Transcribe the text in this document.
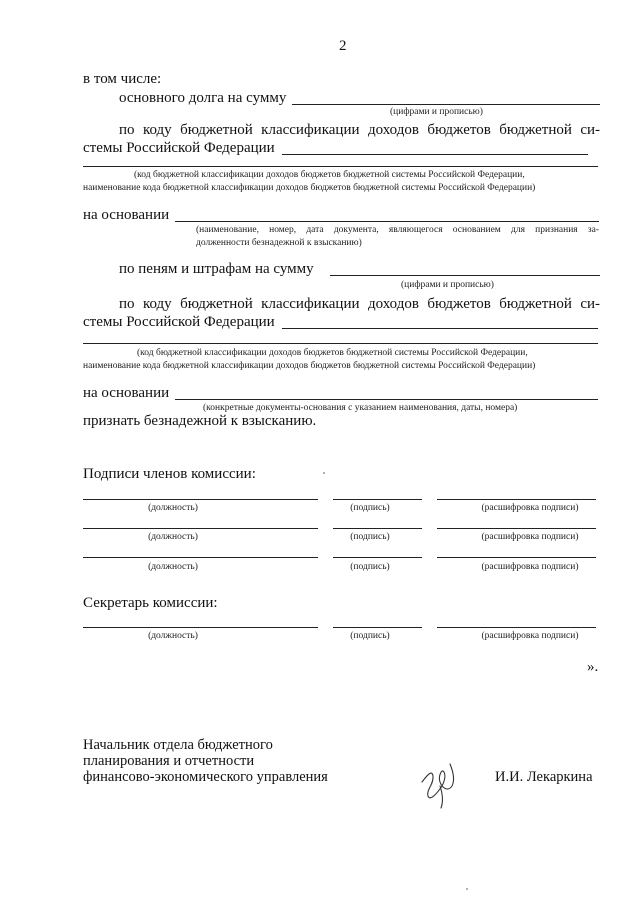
2
в том числе:
основного долга на сумму
(цифрами и прописью)
по коду бюджетной классификации доходов бюджетов бюджетной си-
стемы Российской Федерации
(код бюджетной классификации доходов бюджетов бюджетной системы Российской Федерации,
наименование кода бюджетной классификации доходов бюджетов бюджетной системы Российской Федерации)
на основании
(наименование, номер, дата документа, являющегося основанием для признания за-
долженности безнадежной к взысканию)
по пеням и штрафам на сумму
(цифрами и прописью)
по коду бюджетной классификации доходов бюджетов бюджетной си-
стемы Российской Федерации
(код бюджетной классификации доходов бюджетов бюджетной системы Российской Федерации,
наименование кода бюджетной классификации доходов бюджетов бюджетной системы Российской Федерации)
на основании
(конкретные документы-основания с указанием наименования, даты, номера)
признать безнадежной к взысканию.
Подписи членов комиссии:
(должность)	(подпись)	(расшифровка подписи)
(должность)	(подпись)	(расшифровка подписи)
(должность)	(подпись)	(расшифровка подписи)
Секретарь комиссии:
(должность)	(подпись)	(расшифровка подписи)
».
Начальник отдела бюджетного
планирования и отчетности
финансово-экономического управления	И.И. Лекаркина
